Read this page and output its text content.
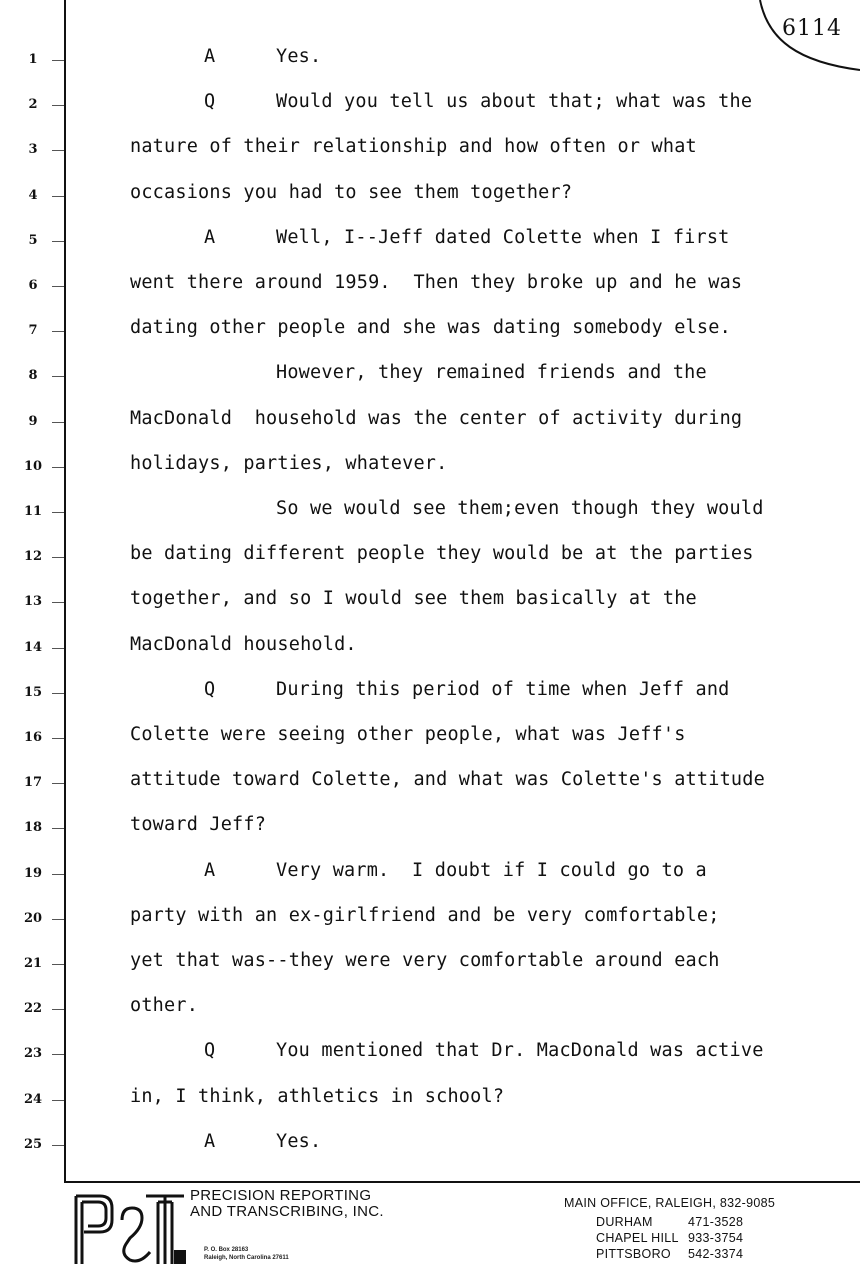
6114
1	A	Yes.
2	Q	Would you tell us about that; what was the
3	nature of their relationship and how often or what
4	occasions you had to see them together?
5	A	Well, I--Jeff dated Colette when I first
6	went there around 1959.  Then they broke up and he was
7	dating other people and she was dating somebody else.
8	However, they remained friends and the
9	MacDonald  household was the center of activity during
10	holidays, parties, whatever.
11	So we would see them;even though they would
12	be dating different people they would be at the parties
13	together, and so I would see them basically at the
14	MacDonald household.
15	Q	During this period of time when Jeff and
16	Colette were seeing other people, what was Jeff's
17	attitude toward Colette, and what was Colette's attitude
18	toward Jeff?
19	A	Very warm.  I doubt if I could go to a
20	party with an ex-girlfriend and be very comfortable;
21	yet that was--they were very comfortable around each
22	other.
23	Q	You mentioned that Dr. MacDonald was active
24	in, I think, athletics in school?
25	A	Yes.
PRECISION REPORTING
AND TRANSCRIBING, INC.
P. O. Box 28163
Raleigh, North Carolina 27611
MAIN OFFICE, RALEIGH, 832-9085
DURHAM	471-3528
CHAPEL HILL 933-3754
PITTSBORO	542-3374
